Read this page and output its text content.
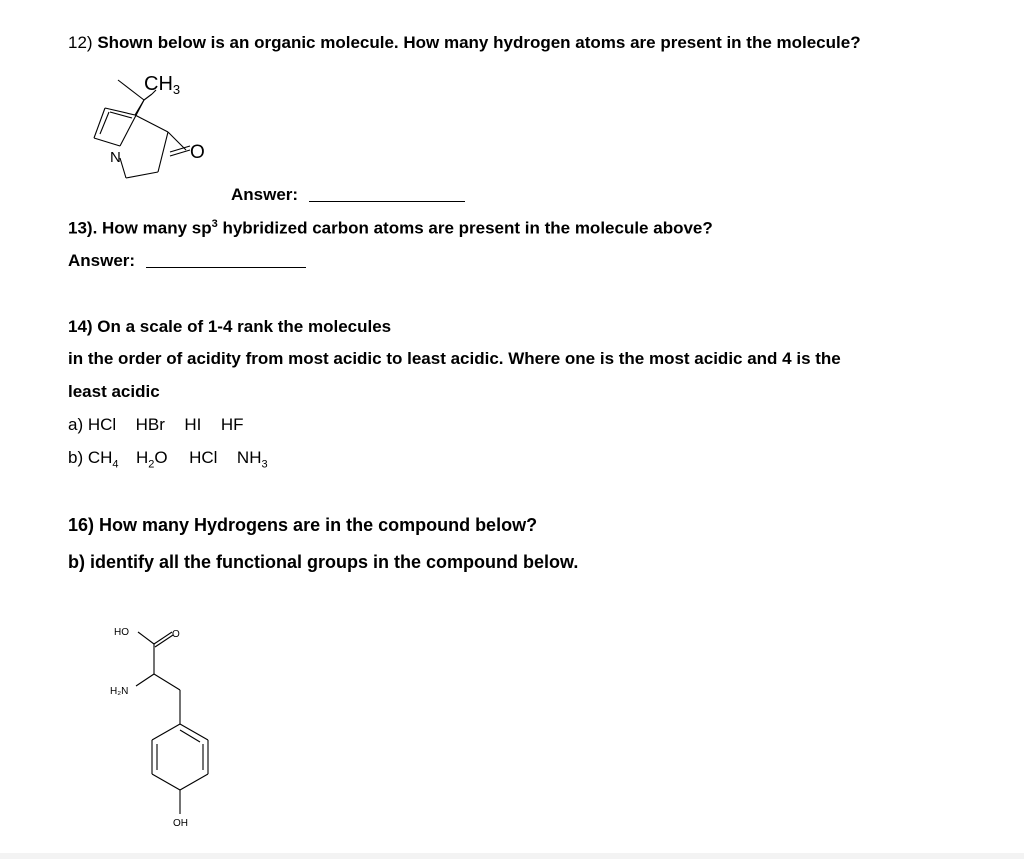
12) Shown below is an organic molecule. How many hydrogen atoms are present in the molecule?
$CH_3$
N	O
Answer:
13). How many $sp^3$ hybridized carbon atoms are present in the molecule above?
Answer:
14) On a scale of 1-4 rank the molecules
in the order of acidity from most acidic to least acidic. Where one is the most acidic and 4 is the
least acidic
a) HCl HBr HI HF
b) $CH_4$ $H_2O$ HCl $NH_3$
16) How many Hydrogens are in the compound below?
b) identify all the functional groups in the compound below.
HO	O
H₂N
OH
